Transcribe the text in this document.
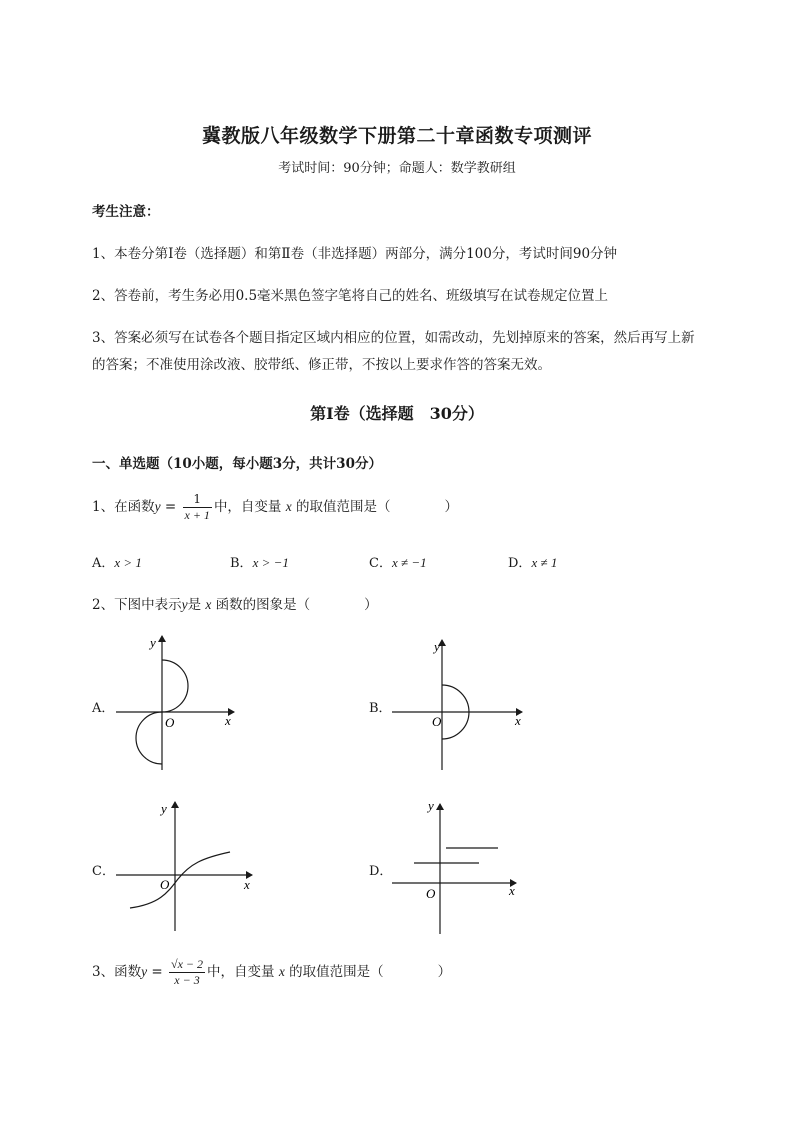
冀教版八年级数学下册第二十章函数专项测评
考试时间：90分钟；命题人：数学教研组
考生注意：
1、本卷分第I卷（选择题）和第Ⅱ卷（非选择题）两部分，满分100分，考试时间90分钟
2、答卷前，考生务必用0.5毫米黑色签字笔将自己的姓名、班级填写在试卷规定位置上
3、答案必须写在试卷各个题目指定区域内相应的位置，如需改动，先划掉原来的答案，然后再写上新
的答案；不准使用涂改液、胶带纸、修正带，不按以上要求作答的答案无效。
第I卷（选择题　30分）
一、单选题（10小题，每小题3分，共计30分）
1、在函数$y = \frac{1}{x + 1}$ 中，自变量 x 的取值范围是（　　　　）
A．x > 1	B．x > −1	C．x ≠ −1	D．x ≠ 1
2、下图中表示y是 x 函数的图象是（　　　　）
A．
y
x
O
B．
y
x
O
C．
y
x
O
D．
y
x
O
3、函数$y = \frac{√x - 2}{x - 3}$ 中，自变量 x 的取值范围是（　　　　）
